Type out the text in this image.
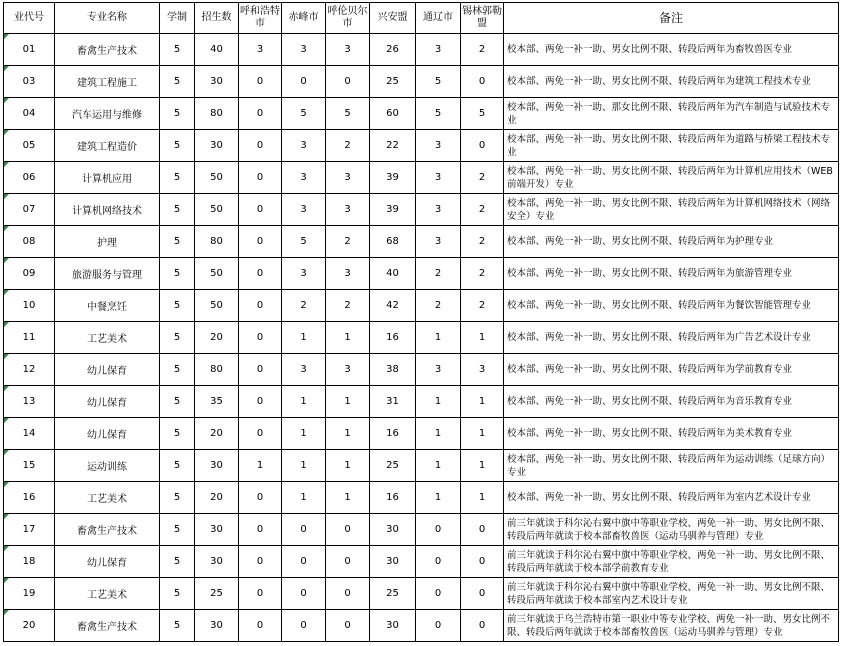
业代号	专业名称	学制	招生数	呼和浩特市	赤峰市	呼伦贝尔市	兴安盟	通辽市	锡林郭勒盟	备注
01	畜禽生产技术	5	40	3	3	3	26	3	2	校本部、两免一补一助、男女比例不限、转段后两年为畜牧兽医专业

03	建筑工程施工	5	30	0	0	0	25	5	0	校本部、两免一补一助、男女比例不限、转段后两年为建筑工程技术专业

04	汽车运用与维修	5	80	0	5	5	60	5	5	校本部、两免一补一助、那女比例不限、转段后两年为汽车制造与试验技术专业

05	建筑工程造价	5	30	0	3	2	22	3	0	校本部、两免一补一助、男女比例不限、转段后两年为道路与桥梁工程技术专业

06	计算机应用	5	50	0	3	3	39	3	2	校本部、两免一补一助、男女比例不限、转段后两年为计算机应用技术（WEB前端开发）专业

07	计算机网络技术	5	50	0	3	3	39	3	2	校本部、两免一补一助、男女比例不限、转段后两年为计算机网络技术（网络安全）专业

08	护理	5	80	0	5	2	68	3	2	校本部、两免一补一助、男女比例不限、转段后两年为护理专业

09	旅游服务与管理	5	50	0	3	3	40	2	2	校本部、两免一补一助、男女比例不限、转段后两年为旅游管理专业

10	中餐烹饪	5	50	0	2	2	42	2	2	校本部、两免一补一助、男女比例不限、转段后两年为餐饮智能管理专业

11	工艺美术	5	20	0	1	1	16	1	1	校本部、两免一补一助、男女比例不限、转段后两年为广告艺术设计专业

12	幼儿保育	5	80	0	3	3	38	3	3	校本部、两免一补一助、男女比例不限、转段后两年为学前教育专业

13	幼儿保育	5	35	0	1	1	31	1	1	校本部、两免一补一助、男女比例不限、转段后两年为音乐教育专业

14	幼儿保育	5	20	0	1	1	16	1	1	校本部、两免一补一助、男女比例不限、转段后两年为美术教育专业

15	运动训练	5	30	1	1	1	25	1	1	校本部、两免一补一助、男女比例不限、转段后两年为运动训练（足球方向）专业

16	工艺美术	5	20	0	1	1	16	1	1	校本部、两免一补一助、男女比例不限、转段后两年为室内艺术设计专业

17	畜禽生产技术	5	30	0	0	0	30	0	0	前三年就读于科尔沁右翼中旗中等职业学校、两免一补一助、男女比例不限、转段后两年就读于校本部畜牧兽医（运动马驯养与管理）专业

18	幼儿保育	5	30	0	0	0	30	0	0	前三年就读于科尔沁右翼中旗中等职业学校、两免一补一助、男女比例不限、转段后两年就读于校本部学前教育专业

19	工艺美术	5	25	0	0	0	25	0	0	前三年就读于科尔沁右翼中旗中等职业学校、两免一补一助、男女比例不限、转段后两年就读于校本部室内艺术设计专业

20	畜禽生产技术	5	30	0	0	0	30	0	0	前三年就读于乌兰浩特市第一职业中等专业学校、两免一补一助、男女比例不限、转段后两年就读于校本部畜牧兽医（运动马驯养与管理）专业
